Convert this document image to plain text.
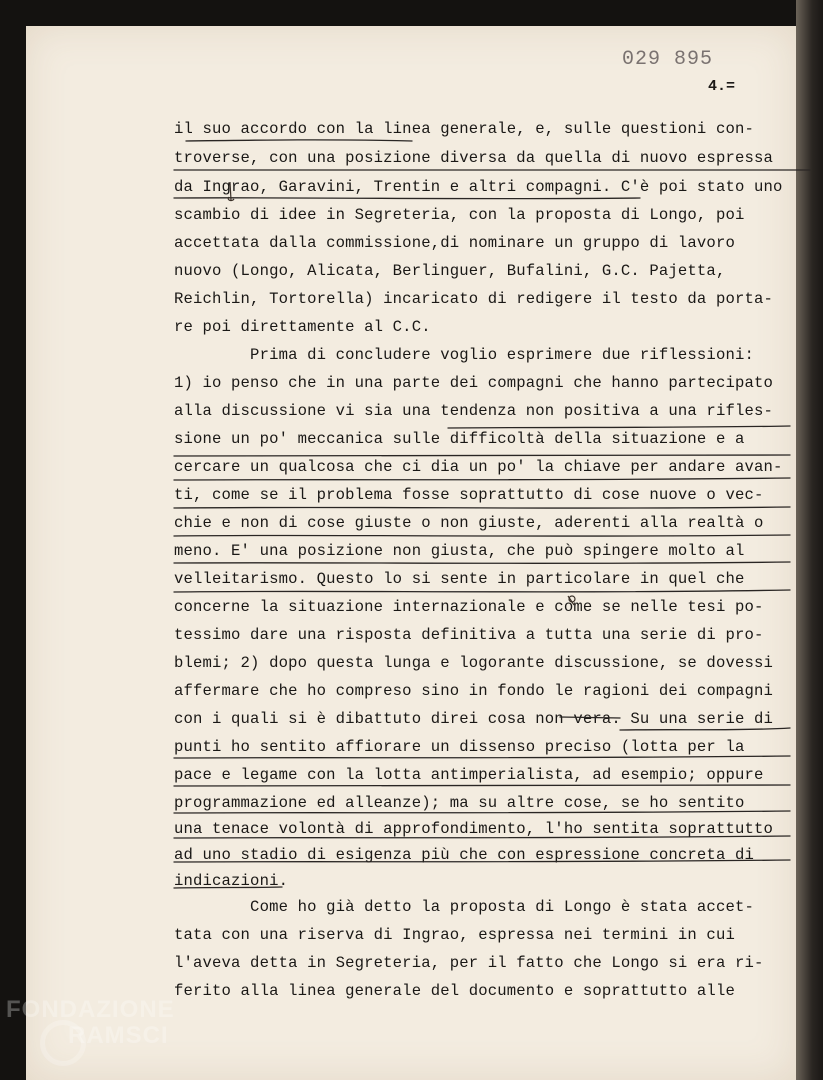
029 895
4.=
il suo accordo con la linea generale, e, sulle questioni con-
troverse, con una posizione diversa da quella di nuovo espressa
da Ingrao, Garavini, Trentin e altri compagni. C'è poi stato uno
scambio di idee in Segreteria, con la proposta di Longo, poi
accettata dalla commissione,di nominare un gruppo di lavoro
nuovo (Longo, Alicata, Berlinguer, Bufalini, G.C. Pajetta,
Reichlin, Tortorella) incaricato di redigere il testo da porta-
re poi direttamente al C.C.
Prima di concludere voglio esprimere due riflessioni:
1) io penso che in una parte dei compagni che hanno partecipato
alla discussione vi sia una tendenza non positiva a una rifles-
sione un po' meccanica sulle difficoltà della situazione e a
cercare un qualcosa che ci dia un po' la chiave per andare avan-
ti, come se il problema fosse soprattutto di cose nuove o vec-
chie e non di cose giuste o non giuste, aderenti alla realtà o
meno. E' una posizione non giusta, che può spingere molto al
velleitarismo. Questo lo si sente in particolare in quel che
concerne la situazione internazionale e come se nelle tesi po-
tessimo dare una risposta definitiva a tutta una serie di pro-
blemi; 2) dopo questa lunga e logorante discussione, se dovessi
affermare che ho compreso sino in fondo le ragioni dei compagni
con i quali si è dibattuto direi cosa non vera. Su una serie di
punti ho sentito affiorare un dissenso preciso (lotta per la
pace e legame con la lotta antimperialista, ad esempio; oppure
programmazione ed alleanze); ma su altre cose, se ho sentito
una tenace volontà di approfondimento, l'ho sentita soprattutto
ad uno stadio di esigenza più che con espressione concreta di
indicazioni.
Come ho già detto la proposta di Longo è stata accet-
tata con una riserva di Ingrao, espressa nei termini in cui
l'aveva detta in Segreteria, per il fatto che Longo si era ri-
ferito alla linea generale del documento e soprattutto alle
FONDAZIONE
RAMSCI
